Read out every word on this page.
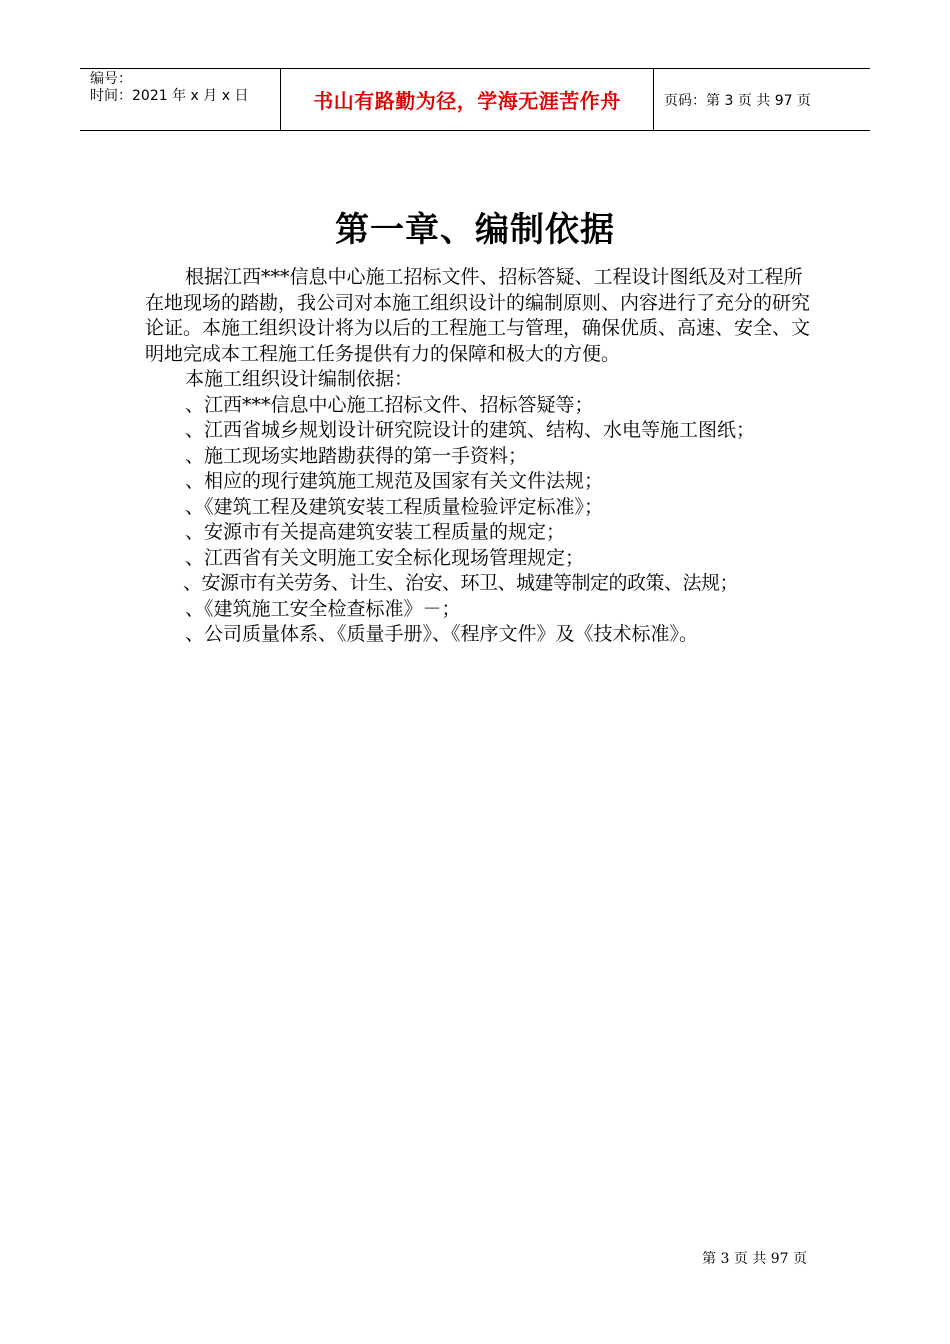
编号：
时间：2021 年 x 月 x 日	书山有路勤为径，学海无涯苦作舟	页码：第 3 页 共 97 页
第一章、编制依据

根据江西***信息中心施工招标文件、招标答疑、工程设计图纸及对工程所在地现场的踏勘，我公司对本施工组织设计的编制原则、内容进行了充分的研究论证。本施工组织设计将为以后的工程施工与管理，确保优质、高速、安全、文明地完成本工程施工任务提供有力的保障和极大的方便。

本施工组织设计编制依据：

、江西***信息中心施工招标文件、招标答疑等；

、江西省城乡规划设计研究院设计的建筑、结构、水电等施工图纸；

、施工现场实地踏勘获得的第一手资料；

、相应的现行建筑施工规范及国家有关文件法规；

、《建筑工程及建筑安装工程质量检验评定标准》；

、安源市有关提高建筑安装工程质量的规定；

、江西省有关文明施工安全标化现场管理规定；

、安源市有关劳务、计生、治安、环卫、城建等制定的政策、法规；

、《建筑施工安全检查标准》－；

、公司质量体系、《质量手册》、《程序文件》及《技术标准》。

第 3 页 共 97 页
